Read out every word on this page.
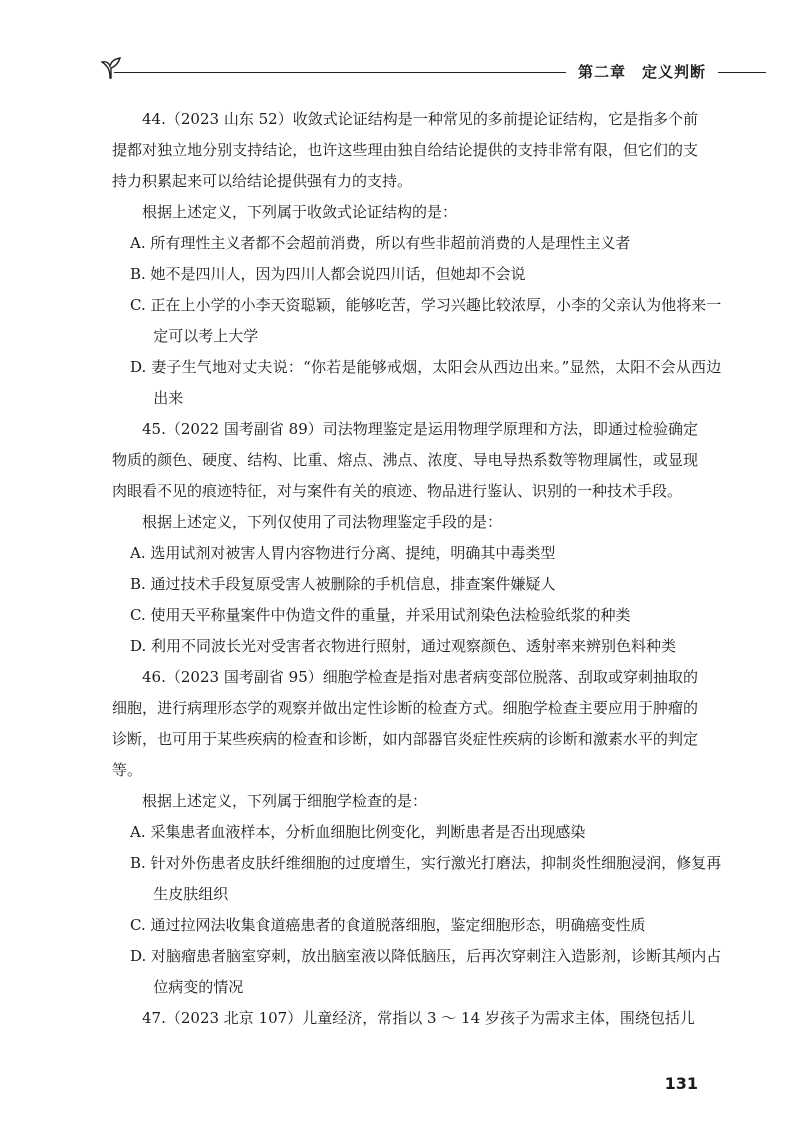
第二章　定义判断

44.（2023 山东 52）收敛式论证结构是一种常见的多前提论证结构，它是指多个前提都对独立地分别支持结论，也许这些理由独自给结论提供的支持非常有限，但它们的支持力积累起来可以给结论提供强有力的支持。

根据上述定义，下列属于收敛式论证结构的是：

A. 所有理性主义者都不会超前消费，所以有些非超前消费的人是理性主义者

B. 她不是四川人，因为四川人都会说四川话，但她却不会说

C. 正在上小学的小李天资聪颖，能够吃苦，学习兴趣比较浓厚，小李的父亲认为他将来一定可以考上大学

D. 妻子生气地对丈夫说：“你若是能够戒烟，太阳会从西边出来。”显然，太阳不会从西边出来

45.（2022 国考副省 89）司法物理鉴定是运用物理学原理和方法，即通过检验确定物质的颜色、硬度、结构、比重、熔点、沸点、浓度、导电导热系数等物理属性，或显现肉眼看不见的痕迹特征，对与案件有关的痕迹、物品进行鉴认、识别的一种技术手段。

根据上述定义，下列仅使用了司法物理鉴定手段的是：

A. 选用试剂对被害人胃内容物进行分离、提纯，明确其中毒类型

B. 通过技术手段复原受害人被删除的手机信息，排查案件嫌疑人

C. 使用天平称量案件中伪造文件的重量，并采用试剂染色法检验纸浆的种类

D. 利用不同波长光对受害者衣物进行照射，通过观察颜色、透射率来辨别色料种类

46.（2023 国考副省 95）细胞学检查是指对患者病变部位脱落、刮取或穿刺抽取的细胞，进行病理形态学的观察并做出定性诊断的检查方式。细胞学检查主要应用于肿瘤的诊断，也可用于某些疾病的检查和诊断，如内部器官炎症性疾病的诊断和激素水平的判定等。

根据上述定义，下列属于细胞学检查的是：

A. 采集患者血液样本，分析血细胞比例变化，判断患者是否出现感染

B. 针对外伤患者皮肤纤维细胞的过度增生，实行激光打磨法，抑制炎性细胞浸润，修复再生皮肤组织

C. 通过拉网法收集食道癌患者的食道脱落细胞，鉴定细胞形态，明确癌变性质

D. 对脑瘤患者脑室穿刺，放出脑室液以降低脑压，后再次穿刺注入造影剂，诊断其颅内占位病变的情况

47.（2023 北京 107）儿童经济，常指以 3 ～ 14 岁孩子为需求主体，围绕包括儿

131
